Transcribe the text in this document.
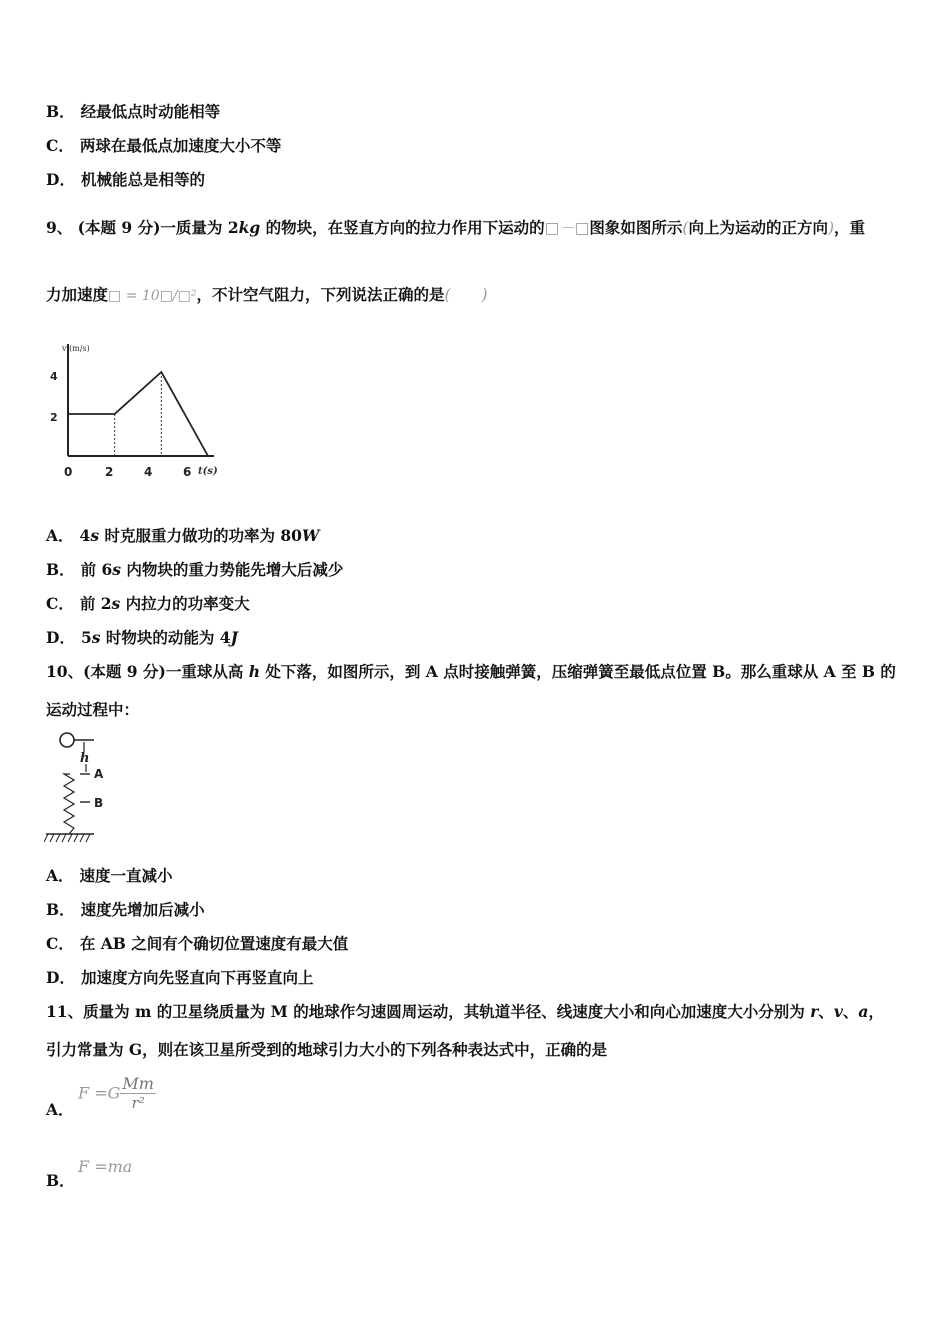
B． 经最低点时动能相等
C． 两球在最低点加速度大小不等
D． 机械能总是相等的
9、 (本题 9 分)一质量为 2kg 的物块，在竖直方向的拉力作用下运动的□－□图象如图所示(向上为运动的正方向)，重
力加速度□ = 10□/□²，不计空气阻力，下列说法正确的是(　　)
v (m/s)
t(s)
4
2
0	2	4	6
A． 4s 时克服重力做功的功率为 80W
B． 前 6s 内物块的重力势能先增大后减少
C． 前 2s 内拉力的功率变大
D． 5s 时物块的动能为 4J
10、(本题 9 分)一重球从高 h 处下落，如图所示，到 A 点时接触弹簧，压缩弹簧至最低点位置 B。那么重球从 A 至 B 的
运动过程中：
h
A
B
A． 速度一直减小
B． 速度先增加后减小
C． 在 AB 之间有个确切位置速度有最大值
D． 加速度方向先竖直向下再竖直向上
11、质量为 m 的卫星绕质量为 M 的地球作匀速圆周运动，其轨道半径、线速度大小和向心加速度大小分别为 r、v、a，
引力常量为 G，则在该卫星所受到的地球引力大小的下列各种表达式中，正确的是
A．
$F =G \frac{Mm}{\text{r²}}$
B．
F =ma
